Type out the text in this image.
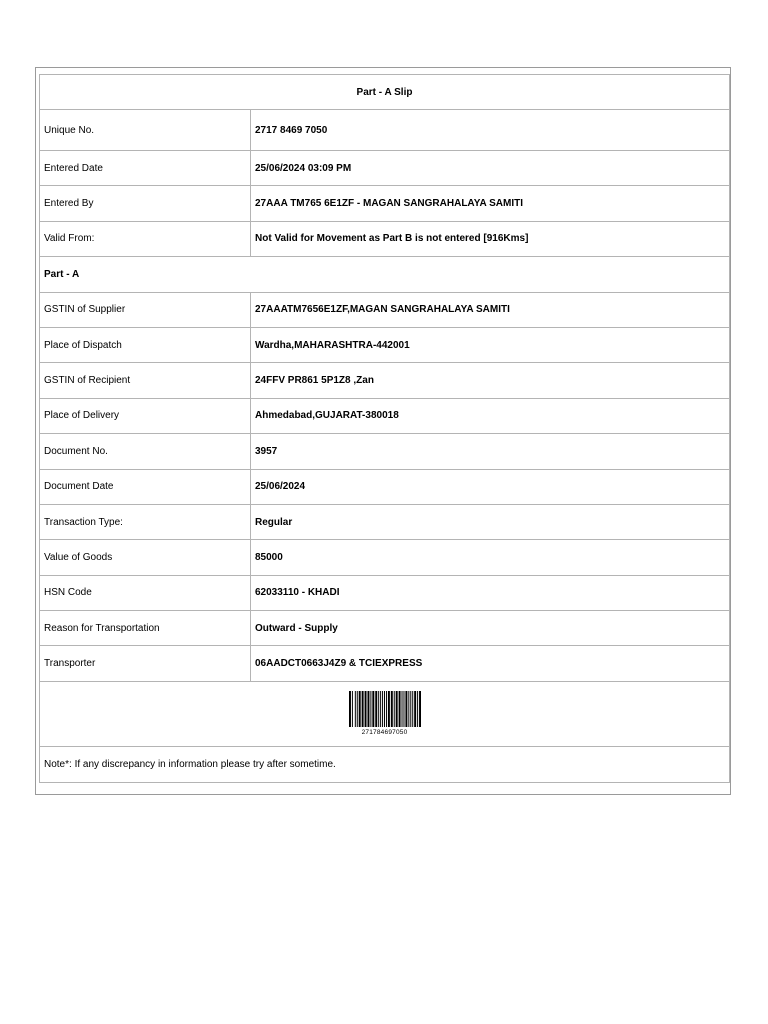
Part - A Slip	
Unique No.	2717 8469 7050
Entered Date	25/06/2024 03:09 PM
Entered By	27AAA TM765 6E1ZF - MAGAN SANGRAHALAYA SAMITI
Valid From:	Not Valid for Movement as Part B is not entered [916Kms]
Part - A	
GSTIN of Supplier	27AAATM7656E1ZF,MAGAN SANGRAHALAYA SAMITI
Place of Dispatch	Wardha,MAHARASHTRA-442001
GSTIN of Recipient	24FFV PR861 5P1Z8 ,Zan
Place of Delivery	Ahmedabad,GUJARAT-380018
Document No.	3957
Document Date	25/06/2024
Transaction Type:	Regular
Value of Goods	85000
HSN Code	62033110 - KHADI
Reason for Transportation	Outward - Supply
Transporter	06AADCT0663J4Z9 & TCIEXPRESS

271784697050	

Note*: If any discrepancy in information please try after sometime.	
